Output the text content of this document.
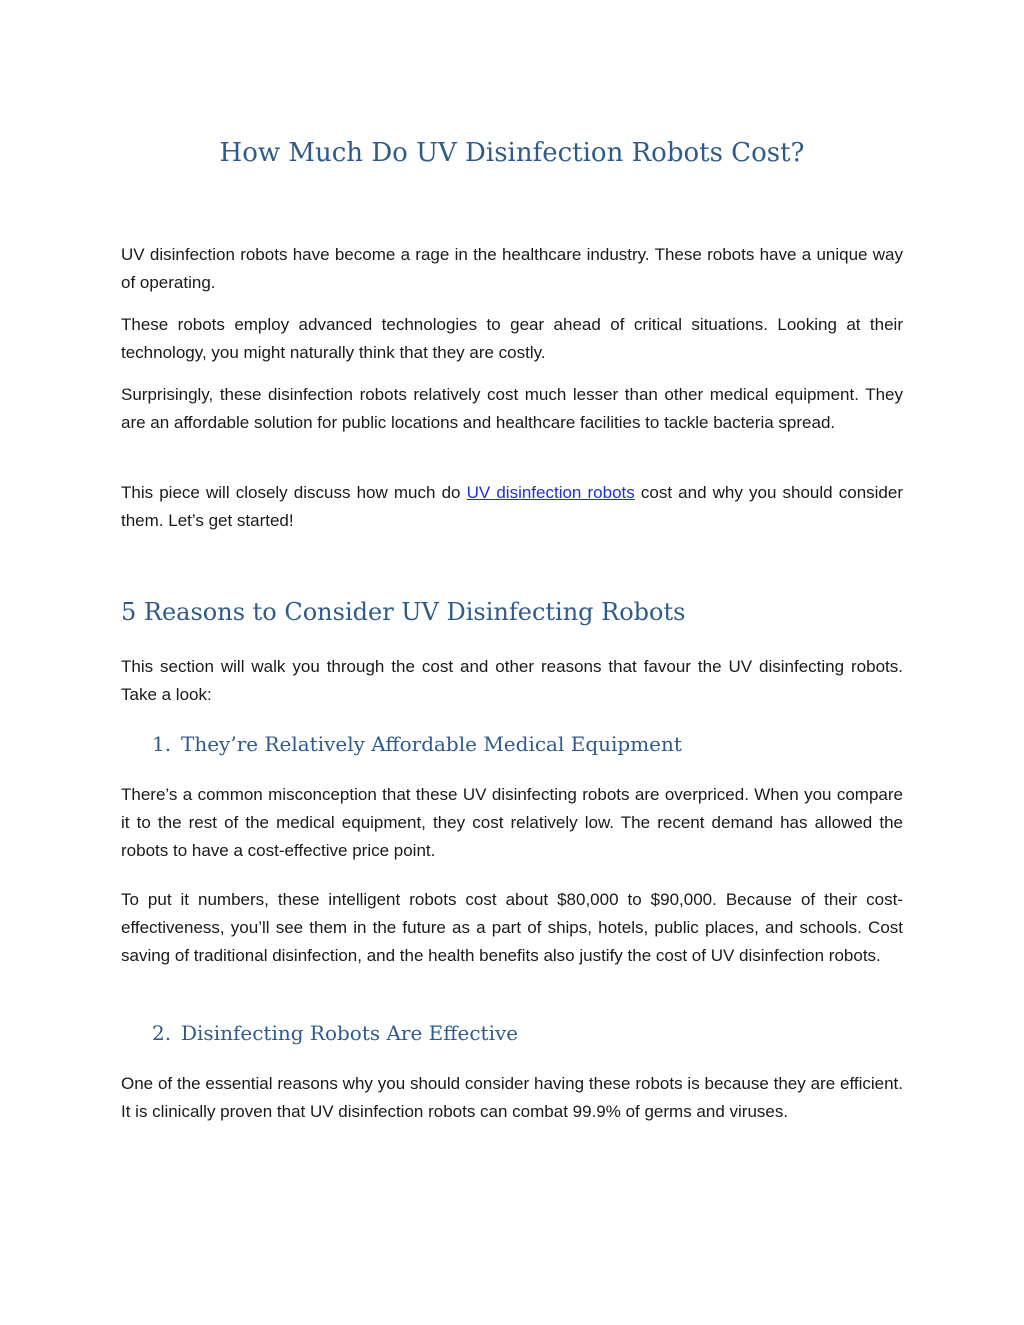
How Much Do UV Disinfection Robots Cost?

UV disinfection robots have become a rage in the healthcare industry. These robots have a unique way of operating.

These robots employ advanced technologies to gear ahead of critical situations. Looking at their technology, you might naturally think that they are costly.

Surprisingly, these disinfection robots relatively cost much lesser than other medical equipment. They are an affordable solution for public locations and healthcare facilities to tackle bacteria spread.

This piece will closely discuss how much do UV disinfection robots cost and why you should consider them. Let’s get started!

5 Reasons to Consider UV Disinfecting Robots

This section will walk you through the cost and other reasons that favour the UV disinfecting robots. Take a look:

1. They’re Relatively Affordable Medical Equipment

There’s a common misconception that these UV disinfecting robots are overpriced. When you compare it to the rest of the medical equipment, they cost relatively low. The recent demand has allowed the robots to have a cost-effective price point.

To put it numbers, these intelligent robots cost about $80,000 to $90,000. Because of their cost-effectiveness, you’ll see them in the future as a part of ships, hotels, public places, and schools. Cost saving of traditional disinfection, and the health benefits also justify the cost of UV disinfection robots.

2. Disinfecting Robots Are Effective

One of the essential reasons why you should consider having these robots is because they are efficient. It is clinically proven that UV disinfection robots can combat 99.9% of germs and viruses.
